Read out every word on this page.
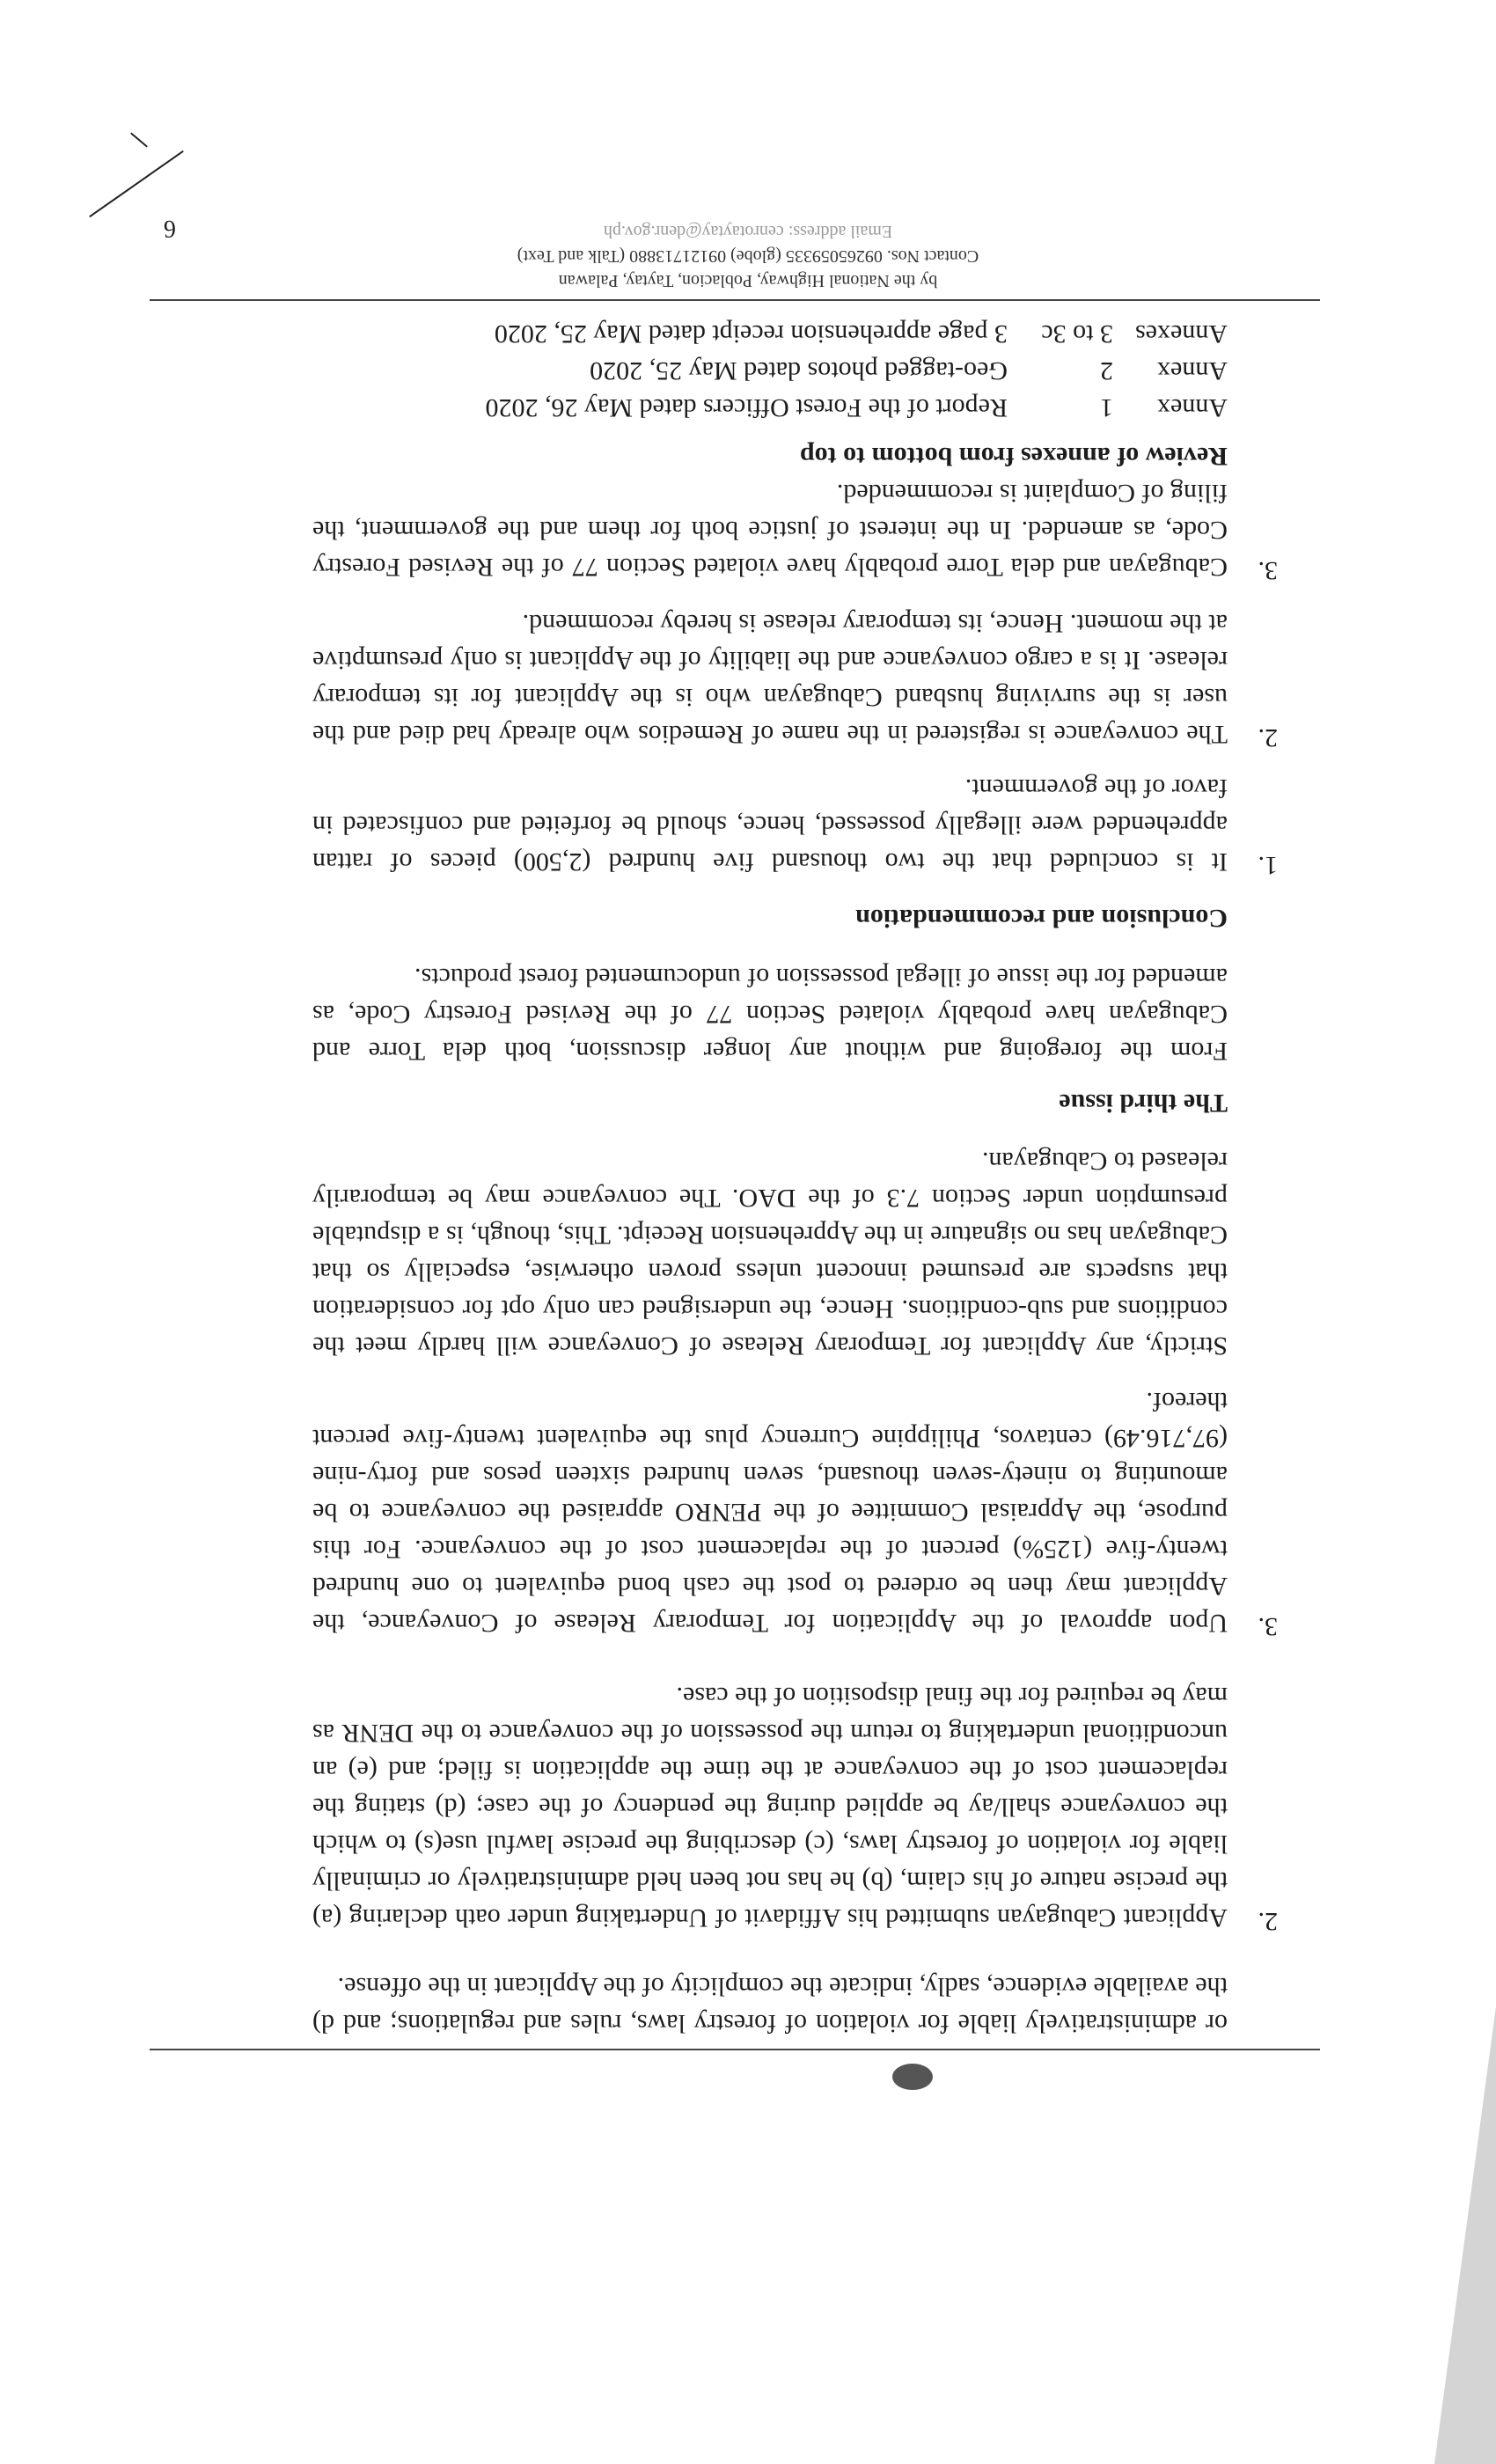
or administratively liable for violation of forestry laws, rules and regulations; and d) the available evidence, sadly, indicate the complicity of the Applicant in the offense.

2.

Applicant Cabugayan submitted his Affidavit of Undertaking under oath declaring (a) the precise nature of his claim, (b) he has not been held administratively or criminally liable for violation of forestry laws, (c) describing the precise lawful use(s) to which the conveyance shall/ay be applied during the pendency of the case; (d) stating the replacement cost of the conveyance at the time the application is filed; and (e) an unconditional undertaking to return the possession of the conveyance to the DENR as may be required for the final disposition of the case.

3.

Upon approval of the Application for Temporary Release of Conveyance, the Applicant may then be ordered to post the cash bond equivalent to one hundred twenty-five (125%) percent of the replacement cost of the conveyance. For this purpose, the Appraisal Committee of the PENRO appraised the conveyance to be amounting to ninety-seven thousand, seven hundred sixteen pesos and forty-nine (97,716.49) centavos, Philippine Currency plus the equivalent twenty-five percent thereof.

Strictly, any Applicant for Temporary Release of Conveyance will hardly meet the conditions and sub-conditions. Hence, the undersigned can only opt for consideration that suspects are presumed innocent unless proven otherwise, especially so that Cabugayan has no signature in the Apprehension Receipt. This, though, is a disputable presumption under Section 7.3 of the DAO. The conveyance may be temporarily released to Cabugayan.

The third issue

From the foregoing and without any longer discussion, both dela Torre and Cabugayan have probably violated Section 77 of the Revised Forestry Code, as amended for the issue of illegal possession of undocumented forest products.

Conclusion and recommendation
1.

It is concluded that the two thousand five hundred (2,500) pieces of rattan apprehended were illegally possessed, hence, should be forfeited and confiscated in favor of the government.

2.

The conveyance is registered in the name of Remedios who already had died and the user is the surviving husband Cabugayan who is the Applicant for its temporary release. It is a cargo conveyance and the liability of the Applicant is only presumptive at the moment. Hence, its temporary release is hereby recommend.

3.

Cabugayan and dela Torre probably have violated Section 77 of the Revised Forestry Code, as amended. In the interest of justice both for them and the government, the filing of Complaint is recommended.

Review of annexes from bottom to top
Annex1Report of the Forest Officers dated May 26, 2020
Annex2Geo-tagged photos dated May 25, 2020
Annexes3 to 3c3 page apprehension receipt dated May 25, 2020
by the National Highway, Poblacion, Taytay, Palawan
Contact Nos. 09265059335 (globe) 09121713880 (Talk and Text)
Email address: cenrotaytay@denr.gov.ph
6
